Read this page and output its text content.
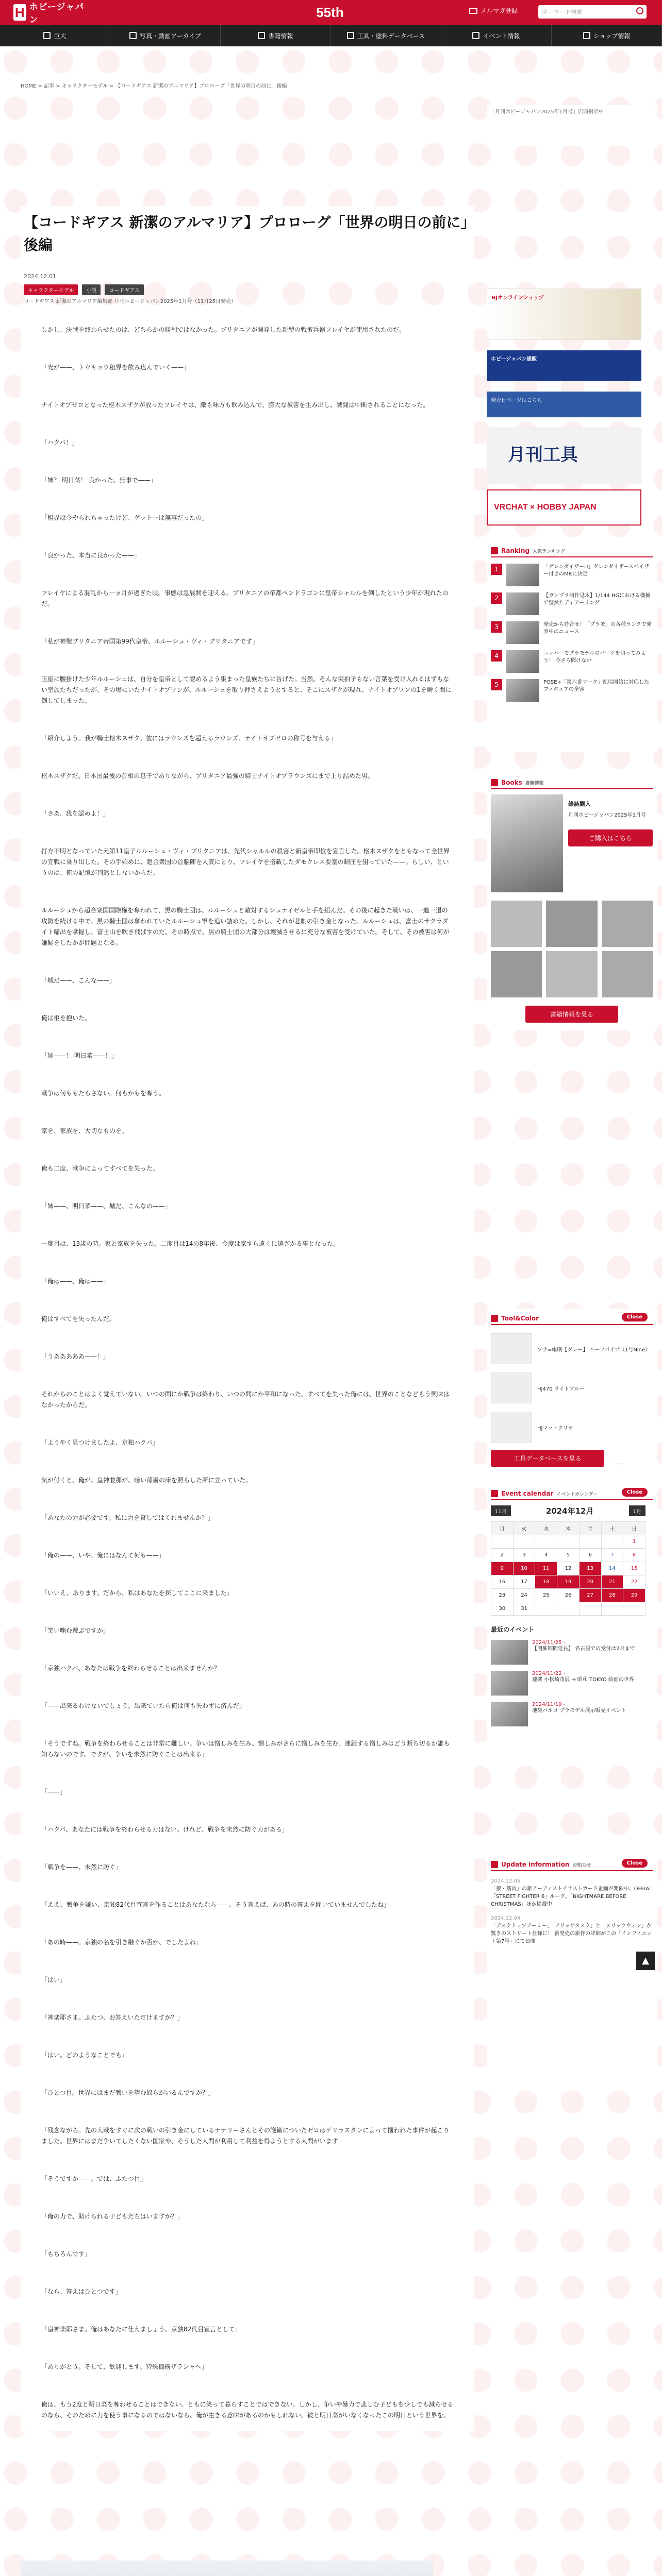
H ホビージャパン	55th	メルマガ登録	キーワード検索
巨大	写真・動画アーカイブ	書籍情報	工具・塗料データベース	イベント情報	ショップ情報
HOME > 記事 > キャラクターモデル > 【コードギアス 新潔のアルマリア】プロローグ「世界の明日の前に」後編
【コードギアス 新潔のアルマリア】プロローグ「世界の明日の前に」後編
2024.12.01
キャラクターモデル	小説	コードギアス
コードギアス 新潔のアルマリア編集部 月刊ホビージャパン2025年1月号（11月25日発売）

しかし、決戦を終わらせたのは、どちらかの勝利ではなかった。ブリタニアが開発した新型の戦術兵器フレイヤが使用されたのだ。

「光が——、トウキョウ租界を飲み込んでいく——」

ナイトオブゼロとなった枢木スザクが放ったフレイヤは、敵も味方も飲み込んで、膨大な被害を生み出し、戦闘は中断されることになった。

「ハクバ！」

「姉？ 明日菜！ 良かった、無事で——」

「租界は今やられちゃったけど、ゲットーは無事だったの」

「良かった、本当に良かった——」

フレイヤによる混乱から一ヵ月が過ぎた頃。事態は急展開を迎える。ブリタニアの帝都ペンドラゴンに皇帝シャルルを倒したという少年が現れたのだ。

「私が神聖ブリタニア帝国第99代皇帝、ルルーシュ・ヴィ・ブリタニアです」

玉座に腰掛けた少年ルルーシュは、自分を皇帝として認めるよう集まった皇族たちに告げた。当然、そんな突拍子もない言葉を受け入れるはずもない皇族たちだったが、その場にいたナイトオブワンが、ルルーシュを取り押さえようとすると、そこにスザクが現れ、ナイトオブワンの1を瞬く間に倒してしまった。

「紹介しよう。我が騎士枢木スザク。彼にはラウンズを超えるラウンズ、ナイトオブゼロの称号を与える」

枢木スザクだ。日本国最後の首相の息子でありながら、ブリタニア最強の騎士ナイトオブラウンズにまで上り詰めた男。

「さあ、我を認めよ！」

打方不明となっていた元第11皇子ルルーシュ・ヴィ・ブリタニアは、先代シャルルの殺害と新皇帝即位を宣言した。枢木スザクをともなって全世界の宣戦に乗り出した。その手始めに、超合衆国の首脳陣を人質にとり、フレイヤを搭載したダモクレス要塞の制圧を狙っていた——。らしい、というのは、俺の記憶が判然としないからだ。

ルルーシュから超合衆国国際権を奪われて、黒の騎士団は、ルルーシュと敵対するシュナイゼルと手を組んだ。その後に起きた戦いは、一進一退の攻防を続ける中で、黒の騎士団は奪われていたルルーシュ軍を追い詰めた。しかし、それが悲劇の引き金となった。ルルーシュは、富士のサクラダイト輸出を掌握し、富士山を吹き飛ばすのだ。その時点で、黒の騎士団の大部分は壊滅させるに充分な被害を受けていた。そして、その被害は何が嫌疑をしたかが問題となる。

「城だ——、こんな——」

俺は枢を抱いた。

「姉——！ 明日菜——！」

戦争は何ももたらさない。何もかもを奪う。

家を、家族を、大切なものを。

俺も二度、戦争によってすべてを失った。

「姉——、明日菜——、城だ、こんなの——」

一度目は、13歳の時。家と家族を失った。二度目は14の8年後、今度は家すら遠くに遠ざかる事となった。

「俺は——、俺は——」

俺はすべてを失ったんだ。

「うあああああ——！」

それからのことはよく覚えていない。いつの間にか戦争は終わり、いつの間にか平和になった。すべてを失った俺には、世界のことなどもう興味はなかったからだ。

「ようやく見つけましたよ、京独ハクバ」

気が付くと、俺が、皇神兼那が、暗い部屋の床を照らした所に立っていた。

「あなたの力が必要です。私に力を貸してはくれませんか？」

「俺の——、いや、俺にはなんて何も——」

「いいえ、あります。だから、私はあなたを探してここに来ました」

「笑い噛む遊ぶですか」

「京独ハクバ、あなたは戦争を終わらせることは出来ませんか？」

「——出来るわけないでしょう。出来ていたら俺は何も失わずに済んだ」

「そうですね。戦争を終わらせることは非常に難しい。争いは憎しみを生み、憎しみがさらに憎しみを生む。連鎖する憎しみはどう断ち切るか誰も知らないのです。ですが、争いを未然に防ぐことは出来る」

「——」

「ハクバ、あなたには戦争を終わらせる力はない。けれど、戦争を未然に防ぐ力がある」

「戦争を——、未然に防ぐ」

「ええ。戦争を嫌い、京独82代目宣言を作ることはあなたなら——。そう言えば、あの時の答えを聞いていませんでしたね」

「あの時——。京独の名を引き継ぐか否か、でしたよね」

「はい」

「神楽耶さま。ふたつ、お答えいただけますか？」

「はい。どのようなことでも」

「ひとつ目。世界にはまだ戦いを望む奴らがいるんですか？」

「残念ながら。先の大戦をすぐに次の戦いの引き金にしているナナリーさんとその護衛についたゼロはゲリラスタンによって攫われた事件が起こりました。世界にはまだ争いてしたくない国家や、そうした人間が利用して利益を得ようとする人間がいます」

「そうですか——。では、ふたつ目」

「俺の力で、助けられる子どもたちはいますか？」

「もちろんです」

「なら、答えはひとつです」

「皇神楽耶さま。俺はあなたに仕えましょう。京独82代目宣言として」

「ありがとう。そして、歓迎します。特殊機構ザラシャへ」

俺は、もう2度と明日菜を奪わせることはできない。ともに笑って暮らすことではできない。しかし、争いや暴力で悲しむ子どもを少しでも減らせるのなら、そのために力を使う事になるのではないなら、俺が生きる意味があるのかもしれない。彼と明日菜がいなくなったこの明日という世界を。

「月刊ホビージャパン2025年1月号」店頭掲示中！
HJオンラインショップ
ホビージャパン通販
発売日ページはこちら
月刊工具
VRCHAT × HOBBY JAPAN
Ranking 人気ランキング
1	「グレンダイザーU」グレンダイザースペイザー付きのMRに決定
2	【ガンプラ制作見本】1/144 HGにおける機械で整然たディテーリング
3	発売から待合せ！「プラモ」の各種ランクで発表中のニュース
4	ニッパーでプラモデルのパーツを切ってみよう！ 今さら聞けない
5	POSE+「第六番マーク」配信開始に対応したフィギュアの全容
Books 書籍情報
雑誌購入
月刊ホビージャパン2025年1月号
ご購入はこちら
書籍情報を見る
Tool&Color	Close
プラ=帳刷【グレー】 ハーフパイプ（1号Nine）
HJ470 ライトブルー
HJマットクリヤ
工具データベースを見る
Event calendar イベントカレンダー	Close
11月	2024年12月	1月
月	火	水	木	金	土	日
						1
2	3	4	5	6	7	8
9	10	11	12	13	14	15
16	17	18	19	20	21	22
23	24	25	26	27	28	29
30	31					
最近のイベント
2024/11/25 -
【開催期間延長】 名古屋での受付は2月まで
2024/11/22 -
連載 小松崎茂展 → 昭和 TOKYO 絵画の世界
2024/11/19 -
池袋パルコ プラモデル展示販売イベント
Update information お知らせ	Close
2024.12.05
「狼・筋肉」の新アーティストイラストカード企画が開催中、OFFIAL「STREET FIGHTER 6」ルーク。「NIGHTMARE BEFORE CHRISTMAS」ほか掲載中
2024.12.04
「デスクトップアーミー」「アリッサタスク」と「メリックウィン」が驚きのストリート仕様に！ 新発売の新作の詳細がこの「インフィニット第7号」にて公開
▲
